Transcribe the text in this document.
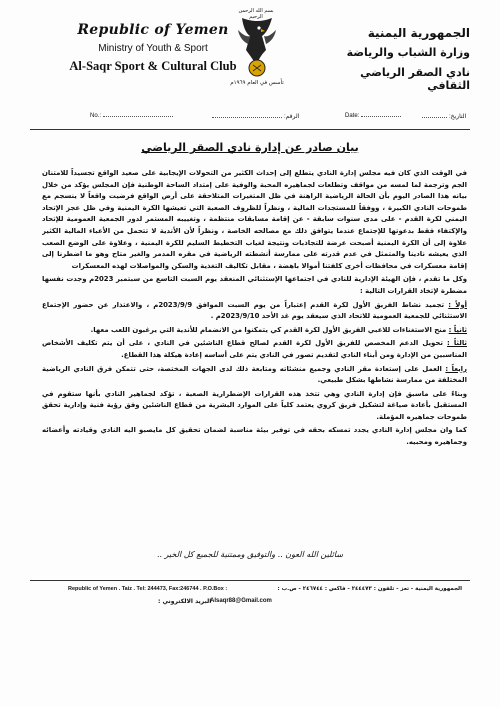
Republic of Yemen
Ministry of Youth & Sport
Al-Saqr Sport & Cultural Club
بسم الله الرحمن الرحيم
تأسس في العام ١٩٦٩م
الجمهورية اليمنية
وزارة الشباب والرياضة
نادي الصقر الرياضي الثقافي
No.:	الرقم:	Date:	التاريخ:
بيان صادر عن إدارة نادي الصقر الرياضي

في الوقت الذي كان فيه مجلس إدارة النادي يتطلع إلى إحداث الكثير من التحولات الإيجابية على صعيد الواقع تجسيداً للامتنان الجم وترجمة لما لمسه من مواقف وتطلعات لجماهيره المحبة والوفية على إمتداد الساحة الوطنية فإن المجلس يؤكد من خلال بيانه هذا الصادر اليوم بأن الحالة الرياضية الراهنة في ظل المتغيرات المتلاحقة على أرض الواقع فرضيت واقعاً لا ينسجم مع طموحات النادي الكبيرة ، ووفقاً للمستجدات المالية ، ونظراً للظروف الصعبة التي تعيشها الكرة اليمنية وفي ظل عجز الإتحاد اليمني لكرة القدم - على مدى سنوات سابقة - عن إقامة مسابقات منتظمة ، وتغييبه المستمر لدور الجمعية العمومية للإتحاد والإكتفاء فقط بدعوتها للإجتماع عندما يتوافق ذلك مع مصالحه الخاصة ، ونظراً لأن الأندية لا تتحمل من الأعباء المالية الكثير علاوة إلى أن الكرة اليمنية أصبحت عرضة للتجاذبات ونتيجة لغياب التخطيط السليم للكرة اليمنية ، وعلاوة على الوضع الصعب الذي يعيشه نادينا والمتمثل في عدم قدرته على ممارسة أنشطته الرياضية في مقره المدمر والغير متاح وهو ما اضطرنا إلى إقامة معسكرات في محافظات أخرى كلفتنا أموالا باهضة ، مقابل تكاليف التغذية والسكن والمواصلات لهذه المعسكرات

وكل ما تقدم ، فإن الهيئة الإدارية للنادي في اجتماعها الإستثنائي المنعقد يوم السبت التاسع من سبتمبر 2023م وجدت نفسها مضطرة لإتخاذ القرارات التالية :

أولاً : تجميد نشاط الفريق الأول لكرة القدم إعتباراً من يوم السبت الموافق 2023/9/9م ، والاعتذار عن حضور الإجتماع الاستثنائي للجمعية العمومية للاتحاد الذي سيعقد يوم غد الأحد 2023/9/10م .

ثانياً : منح الاستغناءات للاعبي الفريق الأول لكرة القدم كي يتمكنوا من الانضمام للأندية التي يرغبون اللعب معها.

ثالثاً : تحويل الدعم المخصص للفريق الأول لكرة القدم لصالح قطاع الناشئين في النادي ، على أن يتم تكليف الأشخاص المناسبين من الإدارة ومن أبناء النادي لتقديم تصور في النادي يتم على أساسه إعادة هيكلة هذا القطاع.

رابعاً : العمل على إستعادة مقر النادي وجميع منشئاته ومتابعة ذلك لدى الجهات المختصة، حتى تتمكن فرق النادي الرياضية المختلفة من ممارسة نشاطها بشكل طبيعي.

وبناءً على ماسبق فإن إدارة النادي وهي تتخذ هذه القرارات الإضطرارية الصعبة ، تؤكد لجماهير النادي بأنها ستقوم في المستقبل بأعادة صياغة لتشكيل فريق كروي يعتمد كلياً على الموارد البشرية من قطاع الناشئين وفق رؤية فنية وإدارية تحقق طموحات جماهيره المؤملة.

كما وان مجلس إدارة النادي يجدد تمسكه بحقه في توفير بيئة مناسبة لضمان تحقيق كل مايصبو اليه النادي وقيادته وأعضائه وجماهيره ومحبيه.

سائلين الله العون .. والتوفيق وممتنية للجميع كل الخير ..
Republic of Yemen . Taiz . Tel: 244473, Fax:246744 . P.O.Box :	الجمهورية اليمنية - تعز - تلفون : ٢٤٤٤٧٣ - فاكس : ٢٤٦٧٤٤ - ص.ب :
البريد الالكتروني :
Alsaqr88@Gmail.com
